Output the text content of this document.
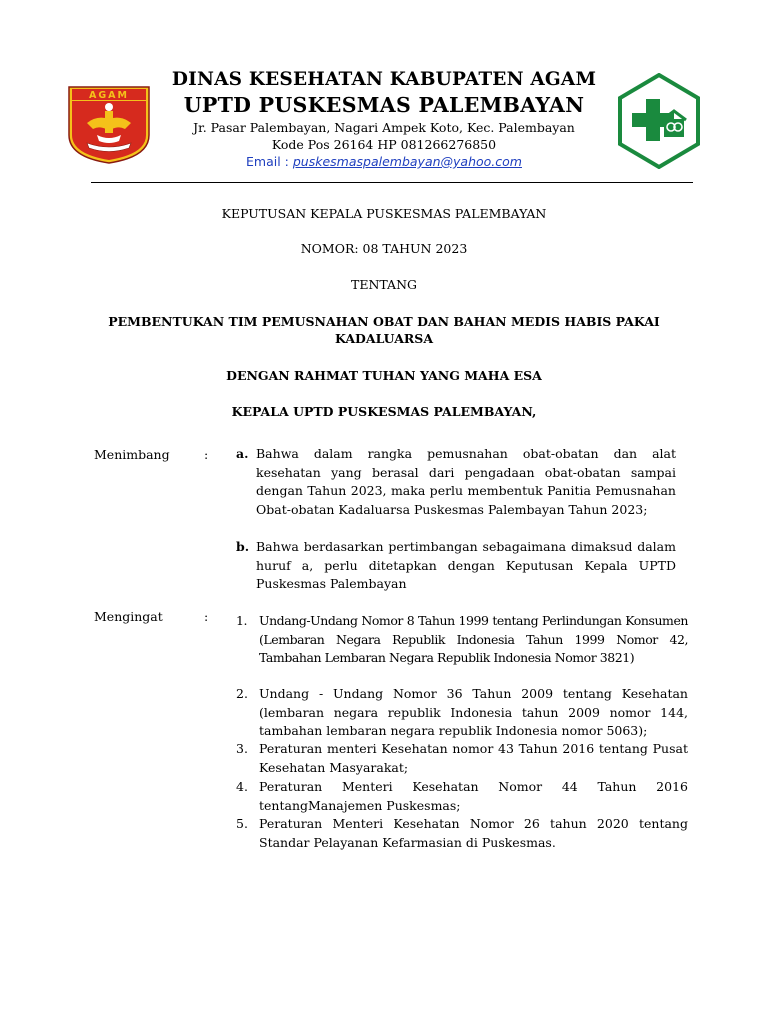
AGAM
DINAS KESEHATAN KABUPATEN AGAM
UPTD PUSKESMAS PALEMBAYAN
Jr. Pasar Palembayan, Nagari Ampek Koto, Kec. Palembayan
Kode Pos 26164 HP 081266276850
Email : puskesmaspalembayan@yahoo.com
KEPUTUSAN KEPALA PUSKESMAS PALEMBAYAN
NOMOR: 08 TAHUN 2023
TENTANG
PEMBENTUKAN TIM PEMUSNAHAN OBAT DAN BAHAN MEDIS HABIS PAKAI
KADALUARSA
DENGAN RAHMAT TUHAN YANG MAHA ESA
KEPALA UPTD PUSKESMAS PALEMBAYAN,
Menimbang	: a. Bahwa dalam rangka pemusnahan obat-obatan dan alat kesehatan yang berasal dari pengadaan obat-obatan sampai dengan Tahun 2023, maka perlu membentuk Panitia Pemusnahan Obat-obatan Kadaluarsa Puskesmas Palembayan Tahun 2023;
b. Bahwa berdasarkan pertimbangan sebagaimana dimaksud dalam huruf a, perlu ditetapkan dengan Keputusan Kepala UPTD Puskesmas Palembayan
Mengingat	: 1. Undang-Undang Nomor 8 Tahun 1999 tentang Perlindungan Konsumen (Lembaran Negara Republik Indonesia Tahun 1999 Nomor 42, Tambahan Lembaran Negara Republik Indonesia Nomor 3821)
2. Undang - Undang Nomor 36 Tahun 2009 tentang Kesehatan (lembaran negara republik Indonesia tahun 2009 nomor 144, tambahan lembaran negara republik Indonesia nomor 5063);
3. Peraturan menteri Kesehatan nomor 43 Tahun 2016 tentang Pusat Kesehatan Masyarakat;
4. Peraturan Menteri Kesehatan Nomor 44 Tahun 2016 tentangManajemen Puskesmas;
5. Peraturan Menteri Kesehatan Nomor 26 tahun 2020 tentang Standar Pelayanan Kefarmasian di Puskesmas.
